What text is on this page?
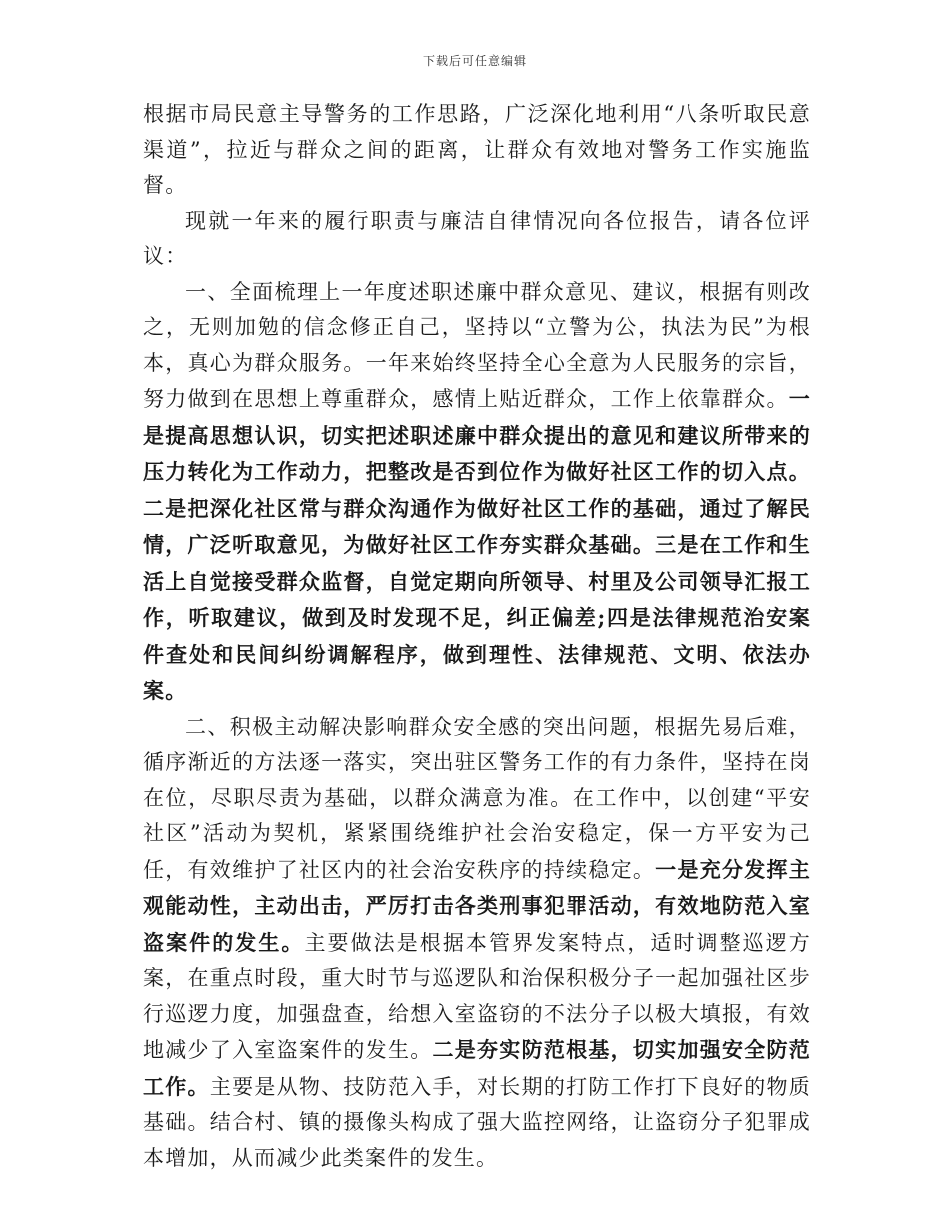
下载后可任意编辑

根据市局民意主导警务的工作思路，广泛深化地利用“八条听取民意渠道”，拉近与群众之间的距离，让群众有效地对警务工作实施监督。

现就一年来的履行职责与廉洁自律情况向各位报告，请各位评议：

一、全面梳理上一年度述职述廉中群众意见、建议，根据有则改之，无则加勉的信念修正自己，坚持以“立警为公，执法为民”为根本，真心为群众服务。一年来始终坚持全心全意为人民服务的宗旨，努力做到在思想上尊重群众，感情上贴近群众，工作上依靠群众。一是提高思想认识，切实把述职述廉中群众提出的意见和建议所带来的压力转化为工作动力，把整改是否到位作为做好社区工作的切入点。二是把深化社区常与群众沟通作为做好社区工作的基础，通过了解民情，广泛听取意见，为做好社区工作夯实群众基础。三是在工作和生活上自觉接受群众监督，自觉定期向所领导、村里及公司领导汇报工作，听取建议，做到及时发现不足，纠正偏差;四是法律规范治安案件查处和民间纠纷调解程序，做到理性、法律规范、文明、依法办案。

二、积极主动解决影响群众安全感的突出问题，根据先易后难，循序渐近的方法逐一落实，突出驻区警务工作的有力条件，坚持在岗在位，尽职尽责为基础，以群众满意为准。在工作中，以创建“平安社区”活动为契机，紧紧围绕维护社会治安稳定，保一方平安为己任，有效维护了社区内的社会治安秩序的持续稳定。一是充分发挥主观能动性，主动出击，严厉打击各类刑事犯罪活动，有效地防范入室盗案件的发生。主要做法是根据本管界发案特点，适时调整巡逻方案，在重点时段，重大时节与巡逻队和治保积极分子一起加强社区步行巡逻力度，加强盘查，给想入室盗窃的不法分子以极大填报，有效地减少了入室盗案件的发生。二是夯实防范根基，切实加强安全防范工作。主要是从物、技防范入手，对长期的打防工作打下良好的物质基础。结合村、镇的摄像头构成了强大监控网络，让盗窃分子犯罪成本增加，从而减少此类案件的发生。
